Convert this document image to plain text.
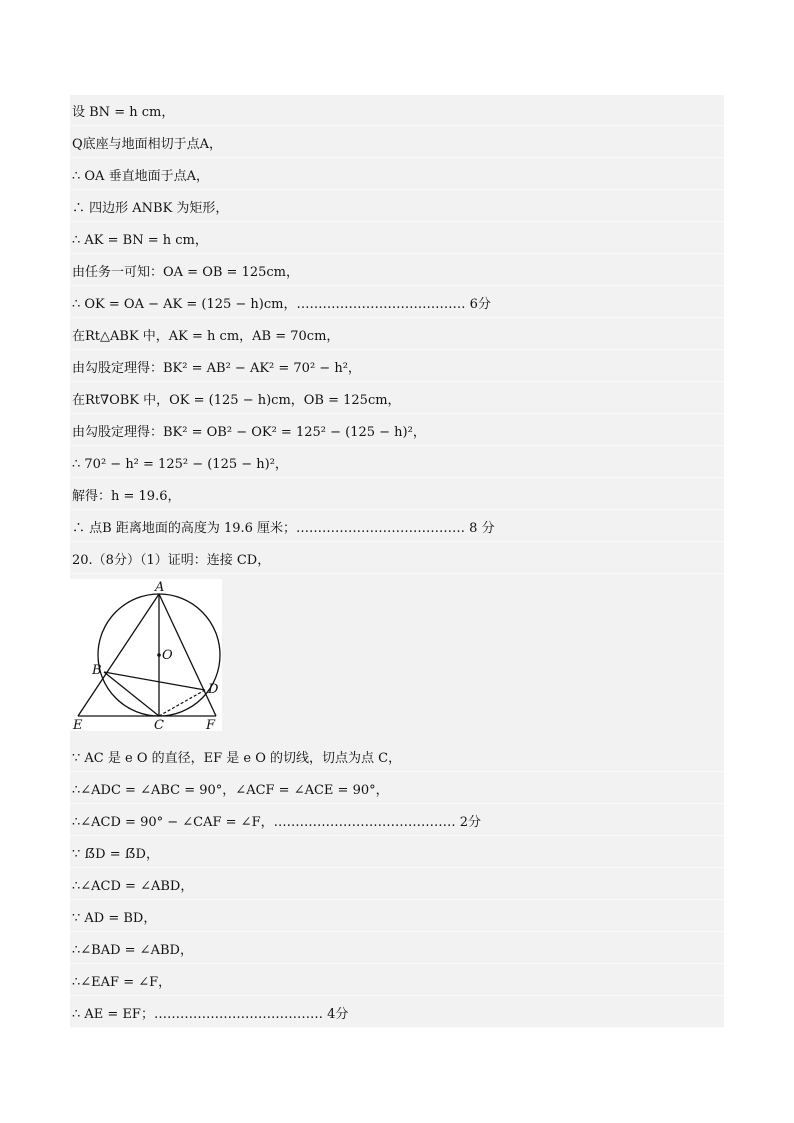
设 BN = h cm，
Q底座与地面相切于点A，
∴ OA 垂直地面于点A，
∴ 四边形 ANBK 为矩形，
∴ AK = BN = h cm，
由任务一可知：OA = OB = 125cm，
∴ OK = OA − AK = (125 − h)cm，………………………………… 6分
在Rt△ABK 中，AK = h cm，AB = 70cm，
由勾股定理得：BK² = AB² − AK² = 70² − h²，
在Rt∇OBK 中，OK = (125 − h)cm，OB = 125cm，
由勾股定理得：BK² = OB² − OK² = 125² − (125 − h)²，
∴ 70² − h² = 125² − (125 − h)²，
解得：h = 19.6，
∴ 点B 距离地面的高度为 19.6 厘米；………………………………… 8 分
20.（8分）（1）证明：连接 CD，
A
O
B
D
E	C	F
∵ AC 是 e O 的直径，EF 是 e O 的切线，切点为点 C，
∴∠ADC = ∠ABC = 90°，∠ACF = ∠ACE = 90°，
∴∠ACD = 90° − ∠CAF = ∠F，…………………………………… 2分
∵ ẞD = ẞD，
∴∠ACD = ∠ABD，
∵ AD = BD，
∴∠BAD = ∠ABD，
∴∠EAF = ∠F，
∴ AE = EF；………………………………… 4分
